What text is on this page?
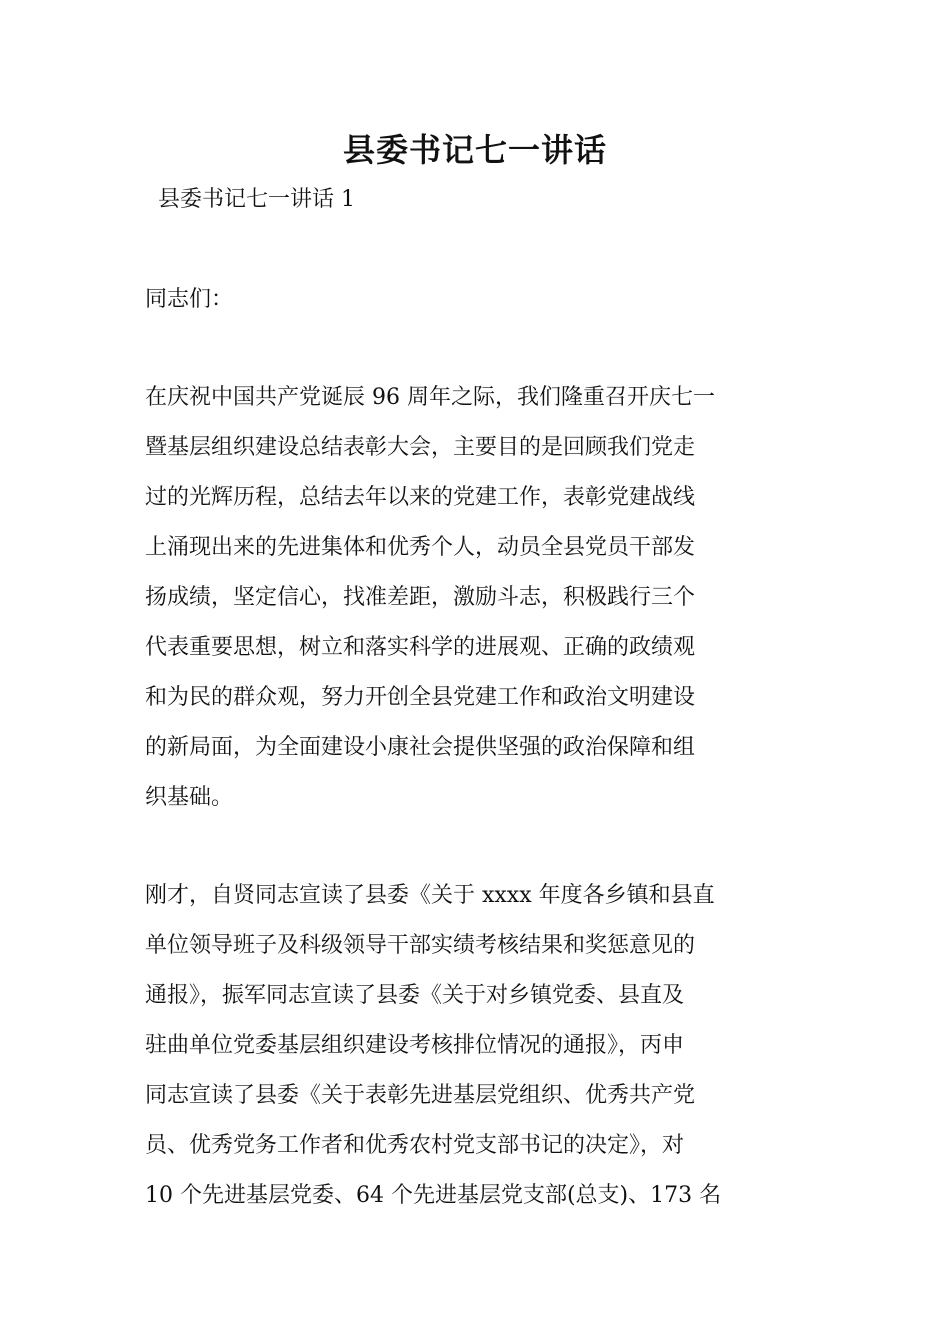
县委书记七一讲话

县委书记七一讲话 1

同志们：

在庆祝中国共产党诞辰 96 周年之际，我们隆重召开庆七一
暨基层组织建设总结表彰大会，主要目的是回顾我们党走
过的光辉历程，总结去年以来的党建工作，表彰党建战线
上涌现出来的先进集体和优秀个人，动员全县党员干部发
扬成绩，坚定信心，找准差距，激励斗志，积极践行三个
代表重要思想，树立和落实科学的进展观、正确的政绩观
和为民的群众观，努力开创全县党建工作和政治文明建设
的新局面，为全面建设小康社会提供坚强的政治保障和组
织基础。
刚才，自贤同志宣读了县委《关于 xxxx 年度各乡镇和县直
单位领导班子及科级领导干部实绩考核结果和奖惩意见的
通报》，振军同志宣读了县委《关于对乡镇党委、县直及
驻曲单位党委基层组织建设考核排位情况的通报》，丙申
同志宣读了县委《关于表彰先进基层党组织、优秀共产党
员、优秀党务工作者和优秀农村党支部书记的决定》，对
10 个先进基层党委、64 个先进基层党支部(总支)、173 名
